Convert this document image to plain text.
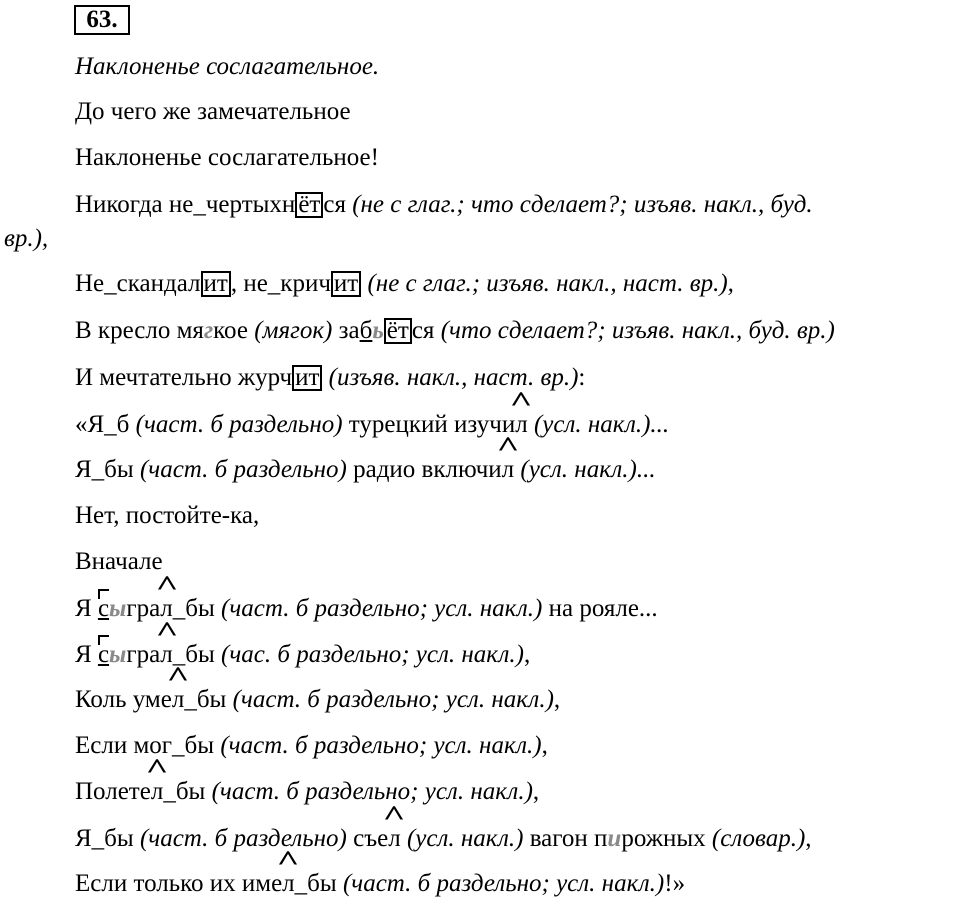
63.
Наклоненье сослагательное.
До чего же замечательное
Наклоненье сослагательное!
Никогда не_чертыхн ёт ся (не с глаг.; что сделает?; изъяв. накл., буд.
вр.),
Не_скандал ит , не_крич ит (не с глаг.; изъяв. накл., наст. вр.),
В кресло мягкое (мягок) забь ёт ся (что сделает?; изъяв. накл., буд. вр.)
И мечтательно журч ит (изъяв. накл., наст. вр.):
«Я_б (част. б раздельно) турецкий изучи^ л (усл. накл.)...
Я_бы (част. б раздельно) радио включи^ л (усл. накл.)...
Нет, постойте-ка,
Вначале
Я сыгра^ л_бы (част. б раздельно; усл. накл.) на рояле...
Я сыгра^ л_бы (час. б раздельно; усл. накл.),
Коль уме^ л_бы (част. б раздельно; усл. накл.),
Если мог_бы (част. б раздельно; усл. накл.),
Полете^ л_бы (част. б раздельно; усл. накл.),
Я_бы (част. б раздельно) съе^ л (усл. накл.) вагон пирожных (словар.),
Если только их име^ л_бы (част. б раздельно; усл. накл.)!»
